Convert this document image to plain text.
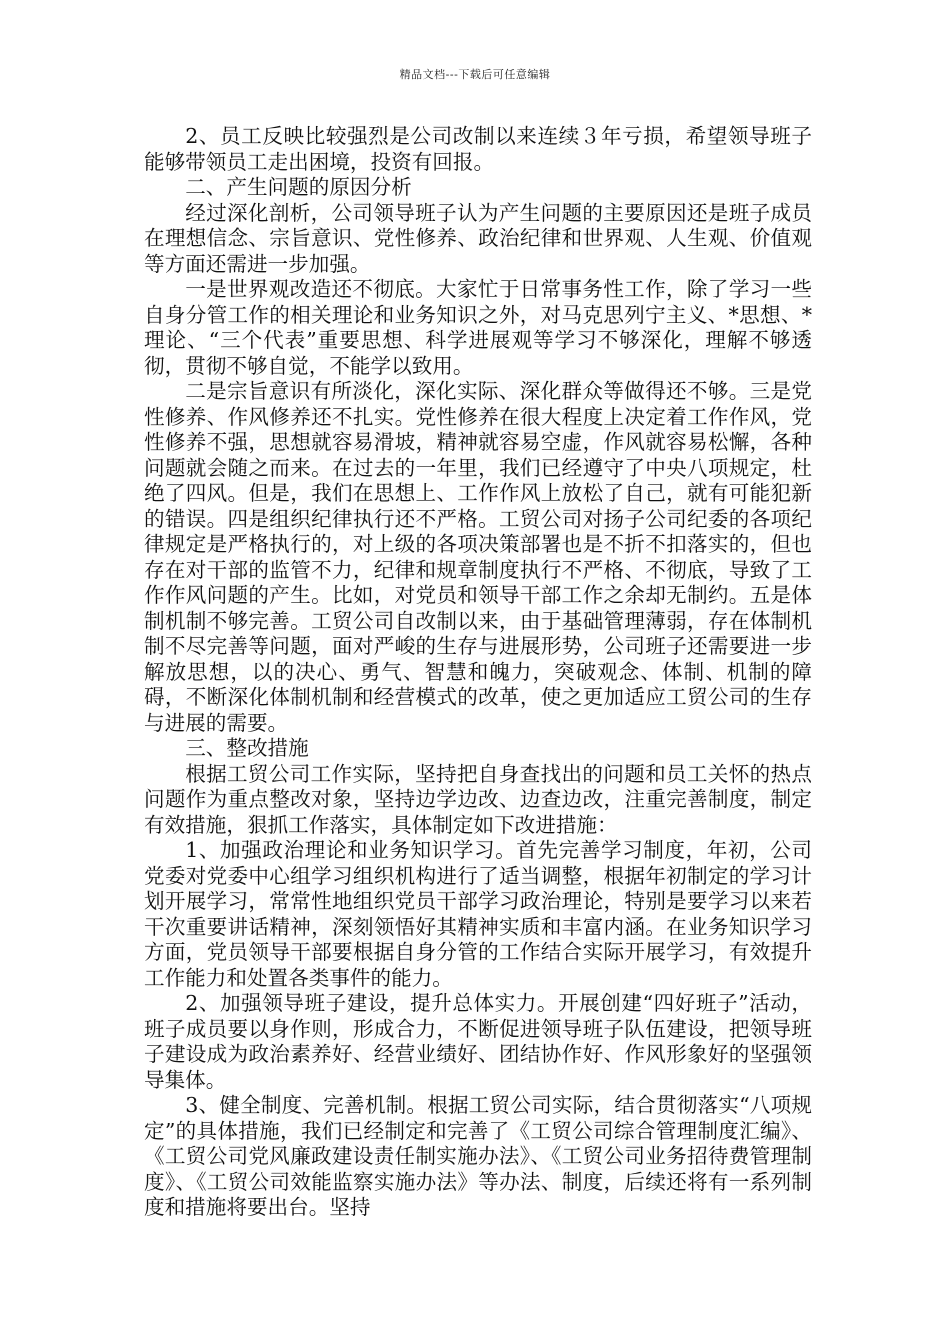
精品文档---下载后可任意编辑

2、员工反映比较强烈是公司改制以来连续３年亏损，希望领导班子能够带领员工走出困境，投资有回报。

二、产生问题的原因分析

经过深化剖析，公司领导班子认为产生问题的主要原因还是班子成员在理想信念、宗旨意识、党性修养、政治纪律和世界观、人生观、价值观等方面还需进一步加强。

一是世界观改造还不彻底。大家忙于日常事务性工作，除了学习一些自身分管工作的相关理论和业务知识之外，对马克思列宁主义、*思想、*理论、“三个代表”重要思想、科学进展观等学习不够深化，理解不够透彻，贯彻不够自觉，不能学以致用。

二是宗旨意识有所淡化，深化实际、深化群众等做得还不够。三是党性修养、作风修养还不扎实。党性修养在很大程度上决定着工作作风，党性修养不强，思想就容易滑坡，精神就容易空虚，作风就容易松懈，各种问题就会随之而来。在过去的一年里，我们已经遵守了中央八项规定，杜绝了四风。但是，我们在思想上、工作作风上放松了自己，就有可能犯新的错误。四是组织纪律执行还不严格。工贸公司对扬子公司纪委的各项纪律规定是严格执行的，对上级的各项决策部署也是不折不扣落实的，但也存在对干部的监管不力，纪律和规章制度执行不严格、不彻底，导致了工作作风问题的产生。比如，对党员和领导干部工作之余却无制约。五是体制机制不够完善。工贸公司自改制以来，由于基础管理薄弱，存在体制机制不尽完善等问题，面对严峻的生存与进展形势，公司班子还需要进一步解放思想，以的决心、勇气、智慧和魄力，突破观念、体制、机制的障碍，不断深化体制机制和经营模式的改革，使之更加适应工贸公司的生存与进展的需要。

三、整改措施

根据工贸公司工作实际，坚持把自身查找出的问题和员工关怀的热点问题作为重点整改对象，坚持边学边改、边查边改，注重完善制度，制定有效措施，狠抓工作落实，具体制定如下改进措施：

1、加强政治理论和业务知识学习。首先完善学习制度，年初，公司党委对党委中心组学习组织机构进行了适当调整，根据年初制定的学习计划开展学习，常常性地组织党员干部学习政治理论，特别是要学习以来若干次重要讲话精神，深刻领悟好其精神实质和丰富内涵。在业务知识学习方面，党员领导干部要根据自身分管的工作结合实际开展学习，有效提升工作能力和处置各类事件的能力。

2、加强领导班子建设，提升总体实力。开展创建“四好班子”活动，班子成员要以身作则，形成合力，不断促进领导班子队伍建设，把领导班子建设成为政治素养好、经营业绩好、团结协作好、作风形象好的坚强领导集体。

3、健全制度、完善机制。根据工贸公司实际，结合贯彻落实“八项规定”的具体措施，我们已经制定和完善了《工贸公司综合管理制度汇编》、《工贸公司党风廉政建设责任制实施办法》、《工贸公司业务招待费管理制度》、《工贸公司效能监察实施办法》等办法、制度，后续还将有一系列制度和措施将要出台。坚持
